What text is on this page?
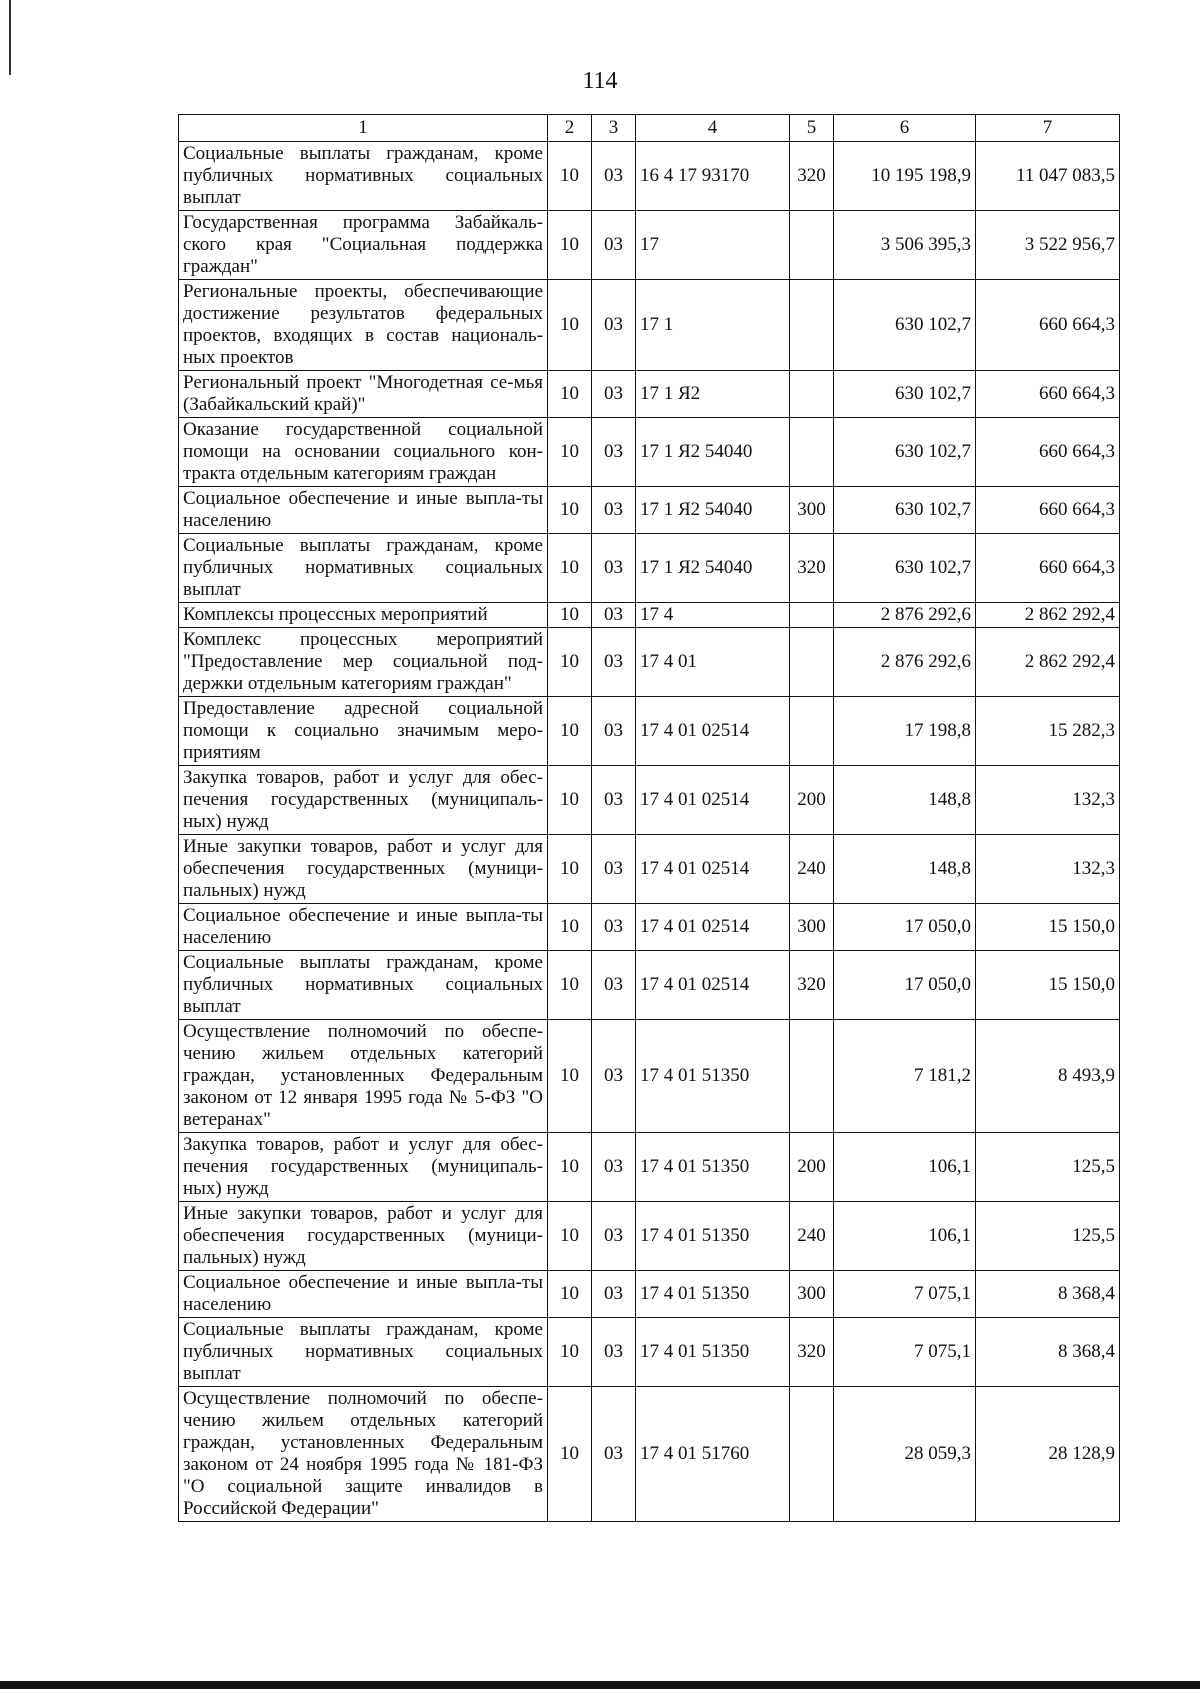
114
1	2	3	4	5	6	7
Социальные выплаты гражданам, кроме публичных нормативных социальных выплат	10	03	16 4 17 93170	320	10 195 198,9	11 047 083,5
Государственная программа Забайкаль-ского края "Социальная поддержка граждан"	10	03	17		3 506 395,3	3 522 956,7
Региональные проекты, обеспечивающие достижение результатов федеральных проектов, входящих в состав националь-ных проектов	10	03	17 1		630 102,7	660 664,3
Региональный проект "Многодетная се-мья (Забайкальский край)"	10	03	17 1 Я2		630 102,7	660 664,3
Оказание государственной социальной помощи на основании социального кон-тракта отдельным категориям граждан	10	03	17 1 Я2 54040		630 102,7	660 664,3
Социальное обеспечение и иные выпла-ты населению	10	03	17 1 Я2 54040	300	630 102,7	660 664,3
Социальные выплаты гражданам, кроме публичных нормативных социальных выплат	10	03	17 1 Я2 54040	320	630 102,7	660 664,3
Комплексы процессных мероприятий	10	03	17 4		2 876 292,6	2 862 292,4
Комплекс процессных мероприятий "Предоставление мер социальной под-держки отдельным категориям граждан"	10	03	17 4 01		2 876 292,6	2 862 292,4
Предоставление адресной социальной помощи к социально значимым меро-приятиям	10	03	17 4 01 02514		17 198,8	15 282,3
Закупка товаров, работ и услуг для обес-печения государственных (муниципаль-ных) нужд	10	03	17 4 01 02514	200	148,8	132,3
Иные закупки товаров, работ и услуг для обеспечения государственных (муници-пальных) нужд	10	03	17 4 01 02514	240	148,8	132,3
Социальное обеспечение и иные выпла-ты населению	10	03	17 4 01 02514	300	17 050,0	15 150,0
Социальные выплаты гражданам, кроме публичных нормативных социальных выплат	10	03	17 4 01 02514	320	17 050,0	15 150,0
Осуществление полномочий по обеспе-чению жильем отдельных категорий граждан, установленных Федеральным законом от 12 января 1995 года № 5-ФЗ "О ветеранах"	10	03	17 4 01 51350		7 181,2	8 493,9
Закупка товаров, работ и услуг для обес-печения государственных (муниципаль-ных) нужд	10	03	17 4 01 51350	200	106,1	125,5
Иные закупки товаров, работ и услуг для обеспечения государственных (муници-пальных) нужд	10	03	17 4 01 51350	240	106,1	125,5
Социальное обеспечение и иные выпла-ты населению	10	03	17 4 01 51350	300	7 075,1	8 368,4
Социальные выплаты гражданам, кроме публичных нормативных социальных выплат	10	03	17 4 01 51350	320	7 075,1	8 368,4
Осуществление полномочий по обеспе-чению жильем отдельных категорий граждан, установленных Федеральным законом от 24 ноября 1995 года № 181-ФЗ "О социальной защите инвалидов в Российской Федерации"	10	03	17 4 01 51760		28 059,3	28 128,9
